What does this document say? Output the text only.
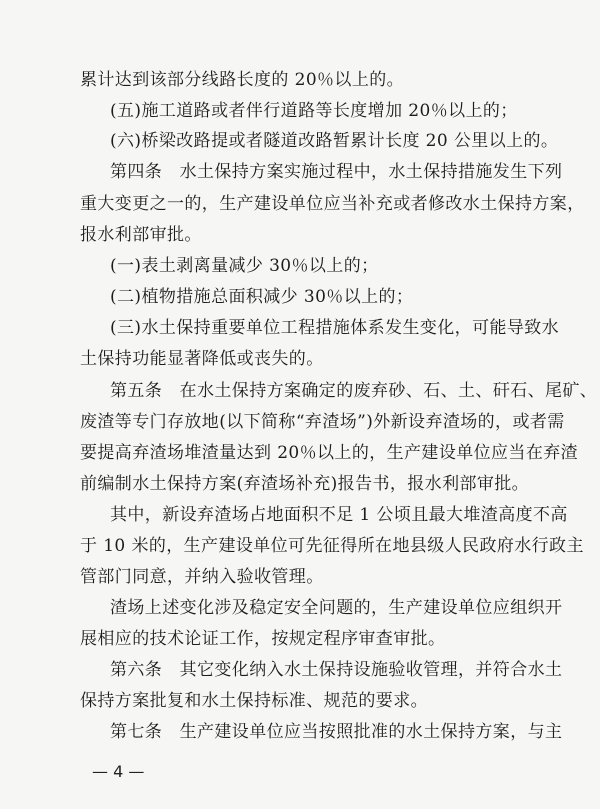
累计达到该部分线路长度的 20％以上的。
(五)施工道路或者伴行道路等长度增加 20％以上的；
(六)桥梁改路提或者隧道改路暂累计长度 20 公里以上的。
第四条　水土保持方案实施过程中，水土保持措施发生下列
重大变更之一的，生产建设单位应当补充或者修改水土保持方案，
报水利部审批。
(一)表土剥离量减少 30％以上的；
(二)植物措施总面积减少 30％以上的；
(三)水土保持重要单位工程措施体系发生变化，可能导致水
土保持功能显著降低或丧失的。
第五条　在水土保持方案确定的废弃砂、石、土、矸石、尾矿、
废渣等专门存放地(以下简称“弃渣场”)外新设弃渣场的，或者需
要提高弃渣场堆渣量达到 20％以上的，生产建设单位应当在弃渣
前编制水土保持方案(弃渣场补充)报告书，报水利部审批。
其中，新设弃渣场占地面积不足 1 公顷且最大堆渣高度不高
于 10 米的，生产建设单位可先征得所在地县级人民政府水行政主
管部门同意，并纳入验收管理。
渣场上述变化涉及稳定安全问题的，生产建设单位应组织开
展相应的技术论证工作，按规定程序审查审批。
第六条　其它变化纳入水土保持设施验收管理，并符合水土
保持方案批复和水土保持标准、规范的要求。
第七条　生产建设单位应当按照批准的水土保持方案，与主
— 4 —
